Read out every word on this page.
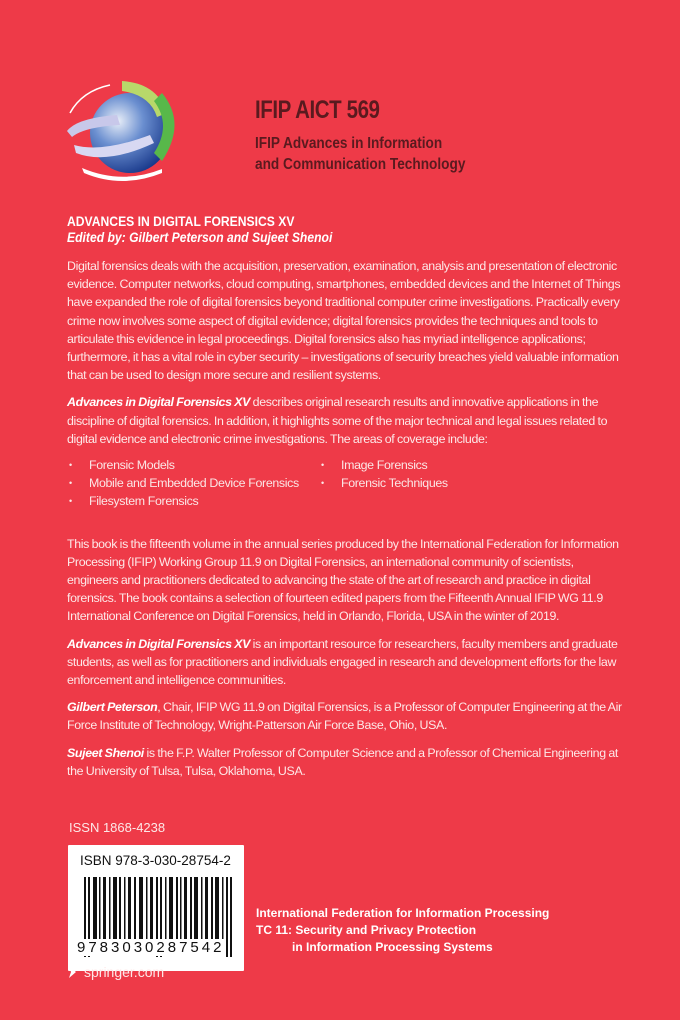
IFIP AICT 569
IFIP Advances in Information
and Communication Technology
ADVANCES IN DIGITAL FORENSICS XV
Edited by: Gilbert Peterson and Sujeet Shenoi

Digital forensics deals with the acquisition, preservation, examination, analysis and presentation of electronic evidence. Computer networks, cloud computing, smartphones, embedded devices and the Internet of Things have expanded the role of digital forensics beyond traditional computer crime investigations. Practically every crime now involves some aspect of digital evidence; digital forensics provides the techniques and tools to articulate this evidence in legal proceedings. Digital forensics also has myriad intelligence applications; furthermore, it has a vital role in cyber security – investigations of security breaches yield valuable information that can be used to design more secure and resilient systems.

Advances in Digital Forensics XV describes original research results and innovative applications in the discipline of digital forensics. In addition, it highlights some of the major technical and legal issues related to digital evidence and electronic crime investigations. The areas of coverage include:

• Forensic Models
• Mobile and Embedded Device Forensics
• Filesystem Forensics
• Image Forensics
• Forensic Techniques

This book is the fifteenth volume in the annual series produced by the International Federation for Information Processing (IFIP) Working Group 11.9 on Digital Forensics, an international community of scientists, engineers and practitioners dedicated to advancing the state of the art of research and practice in digital forensics. The book contains a selection of fourteen edited papers from the Fifteenth Annual IFIP WG 11.9 International Conference on Digital Forensics, held in Orlando, Florida, USA in the winter of 2019.

Advances in Digital Forensics XV is an important resource for researchers, faculty members and graduate students, as well as for practitioners and individuals engaged in research and development efforts for the law enforcement and intelligence communities.

Gilbert Peterson, Chair, IFIP WG 11.9 on Digital Forensics, is a Professor of Computer Engineering at the Air Force Institute of Technology, Wright-Patterson Air Force Base, Ohio, USA.

Sujeet Shenoi is the F.P. Walter Professor of Computer Science and a Professor of Chemical Engineering at the University of Tulsa, Tulsa, Oklahoma, USA.

ISSN 1868-4238
ISBN 978-3-030-28754-2
9783030287542
International Federation for Information Processing
TC 11: Security and Privacy Protection
in Information Processing Systems
springer.com
